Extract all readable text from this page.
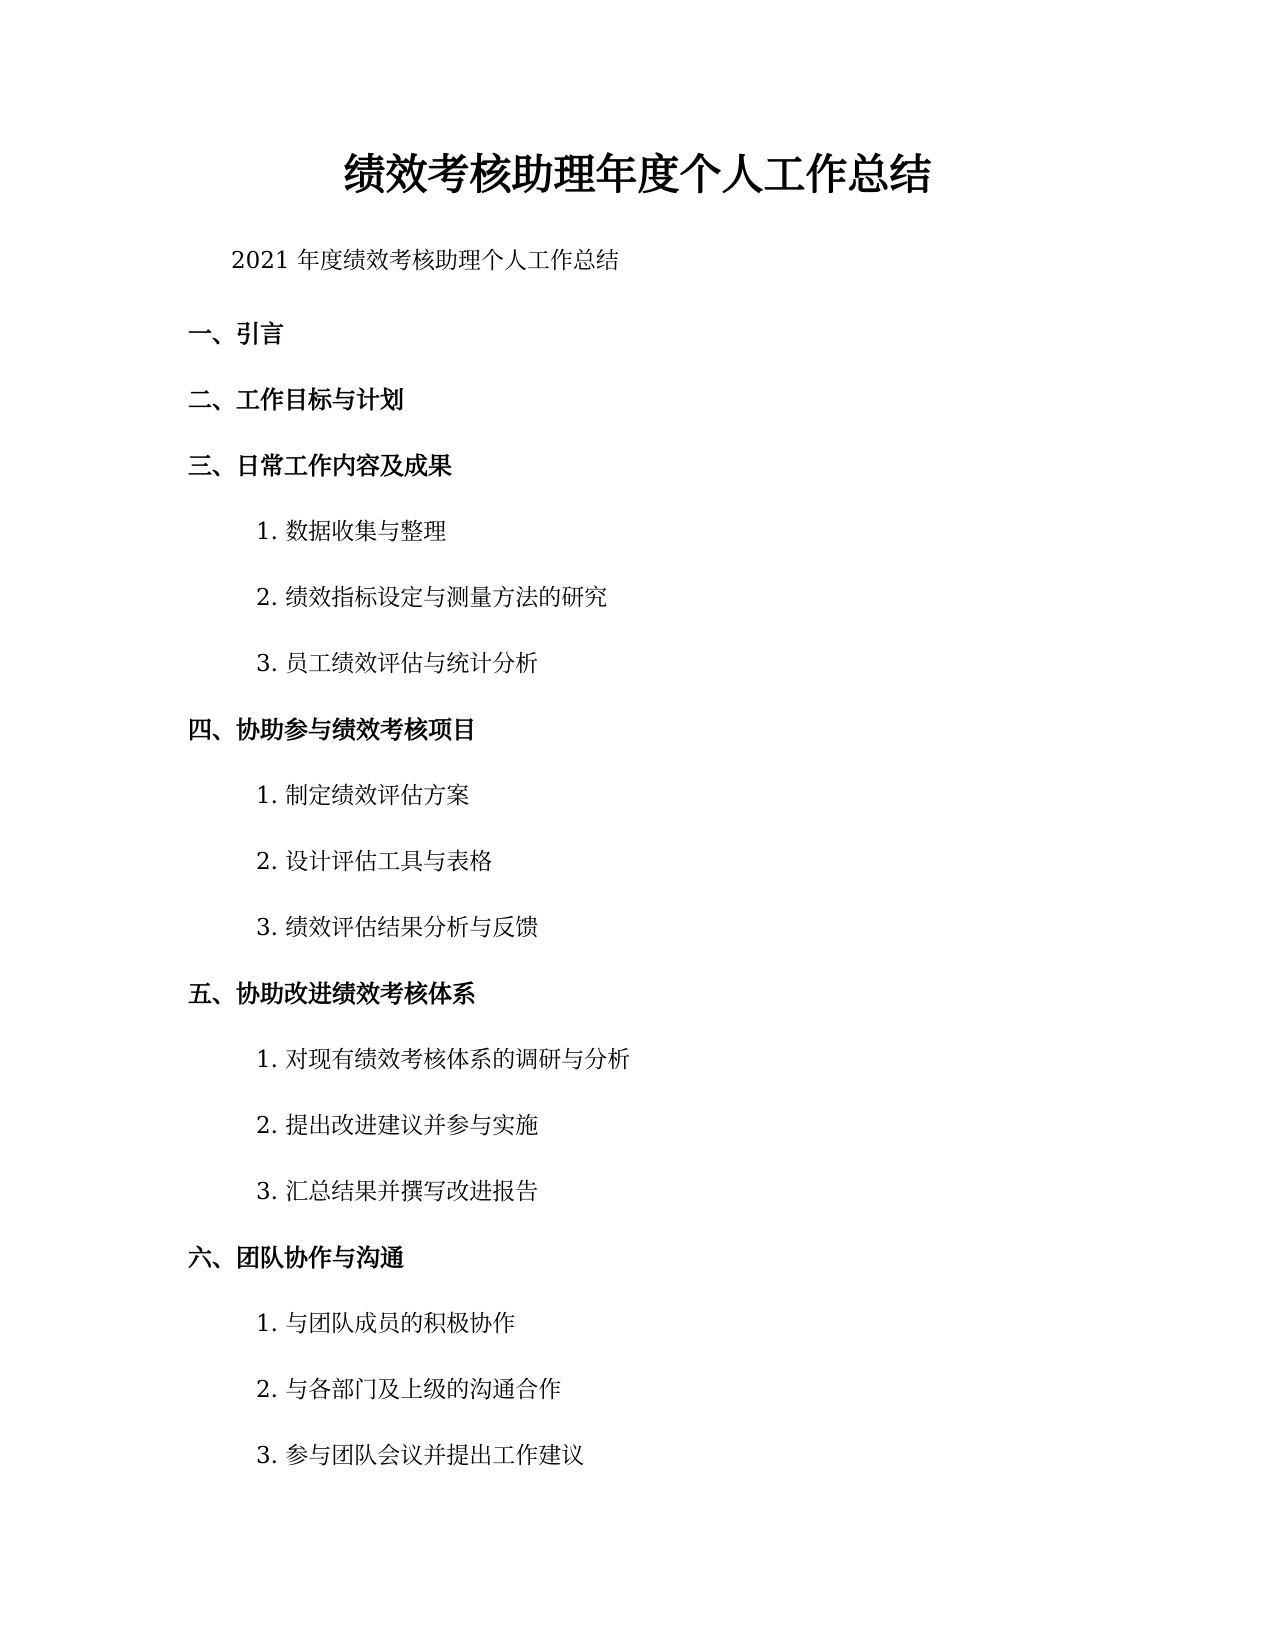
绩效考核助理年度个人工作总结

2021 年度绩效考核助理个人工作总结

一、引言
二、工作目标与计划
三、日常工作内容及成果
1. 数据收集与整理
2. 绩效指标设定与测量方法的研究
3. 员工绩效评估与统计分析
四、协助参与绩效考核项目
1. 制定绩效评估方案
2. 设计评估工具与表格
3. 绩效评估结果分析与反馈
五、协助改进绩效考核体系
1. 对现有绩效考核体系的调研与分析
2. 提出改进建议并参与实施
3. 汇总结果并撰写改进报告
六、团队协作与沟通
1. 与团队成员的积极协作
2. 与各部门及上级的沟通合作
3. 参与团队会议并提出工作建议
